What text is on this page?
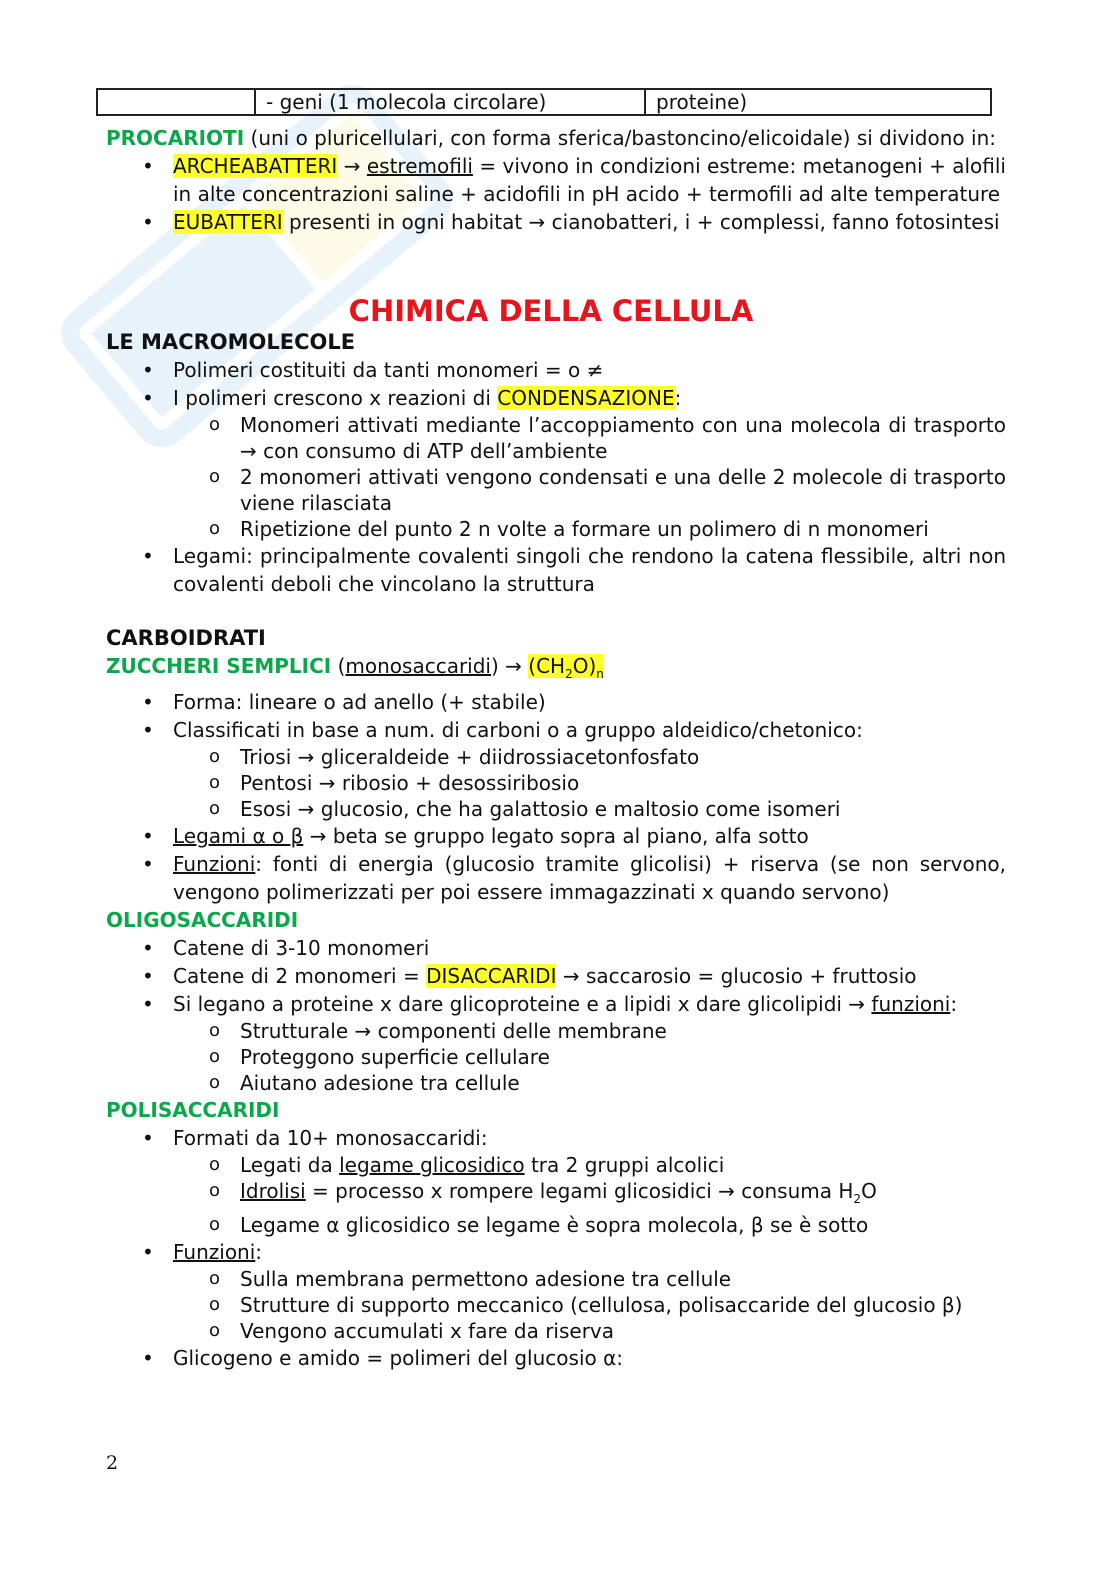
	- geni (1 molecola circolare)	proteine)

PROCARIOTI (uni o pluricellulari, con forma sferica/bastoncino/elicoidale) si dividono in:

• ARCHEABATTERI → estremofili = vivono in condizioni estreme: metanogeni + alofili in alte concentrazioni saline + acidofili in pH acido + termofili ad alte temperature
• EUBATTERI presenti in ogni habitat → cianobatteri, i + complessi, fanno fotosintesi
CHIMICA DELLA CELLULA

LE MACROMOLECOLE

• Polimeri costituiti da tanti monomeri = o ≠
• I polimeri crescono x reazioni di CONDENSAZIONE:
o Monomeri attivati mediante l’accoppiamento con una molecola di trasporto → con consumo di ATP dell’ambiente
o 2 monomeri attivati vengono condensati e una delle 2 molecole di trasporto viene rilasciata
o Ripetizione del punto 2 n volte a formare un polimero di n monomeri
• Legami: principalmente covalenti singoli che rendono la catena flessibile, altri non covalenti deboli che vincolano la struttura

CARBOIDRATI

ZUCCHERI SEMPLICI (monosaccaridi) → $(CH_2O)_n$

• Forma: lineare o ad anello (+ stabile)
• Classificati in base a num. di carboni o a gruppo aldeidico/chetonico:
o Triosi → gliceraldeide + diidrossiacetonfosfato
o Pentosi → ribosio + desossiribosio
o Esosi → glucosio, che ha galattosio e maltosio come isomeri
• Legami α o β → beta se gruppo legato sopra al piano, alfa sotto
• Funzioni: fonti di energia (glucosio tramite glicolisi) + riserva (se non servono, vengono polimerizzati per poi essere immagazzinati x quando servono)

OLIGOSACCARIDI

• Catene di 3-10 monomeri
• Catene di 2 monomeri = DISACCARIDI → saccarosio = glucosio + fruttosio
• Si legano a proteine x dare glicoproteine e a lipidi x dare glicolipidi → funzioni:
o Strutturale → componenti delle membrane
o Proteggono superficie cellulare
o Aiutano adesione tra cellule

POLISACCARIDI

• Formati da 10+ monosaccaridi:
o Legati da legame glicosidico tra 2 gruppi alcolici
o Idrolisi = processo x rompere legami glicosidici → consuma $H_2O$
o Legame α glicosidico se legame è sopra molecola, β se è sotto
• Funzioni:
o Sulla membrana permettono adesione tra cellule
o Strutture di supporto meccanico (cellulosa, polisaccaride del glucosio β)
o Vengono accumulati x fare da riserva
• Glicogeno e amido = polimeri del glucosio α:
2
